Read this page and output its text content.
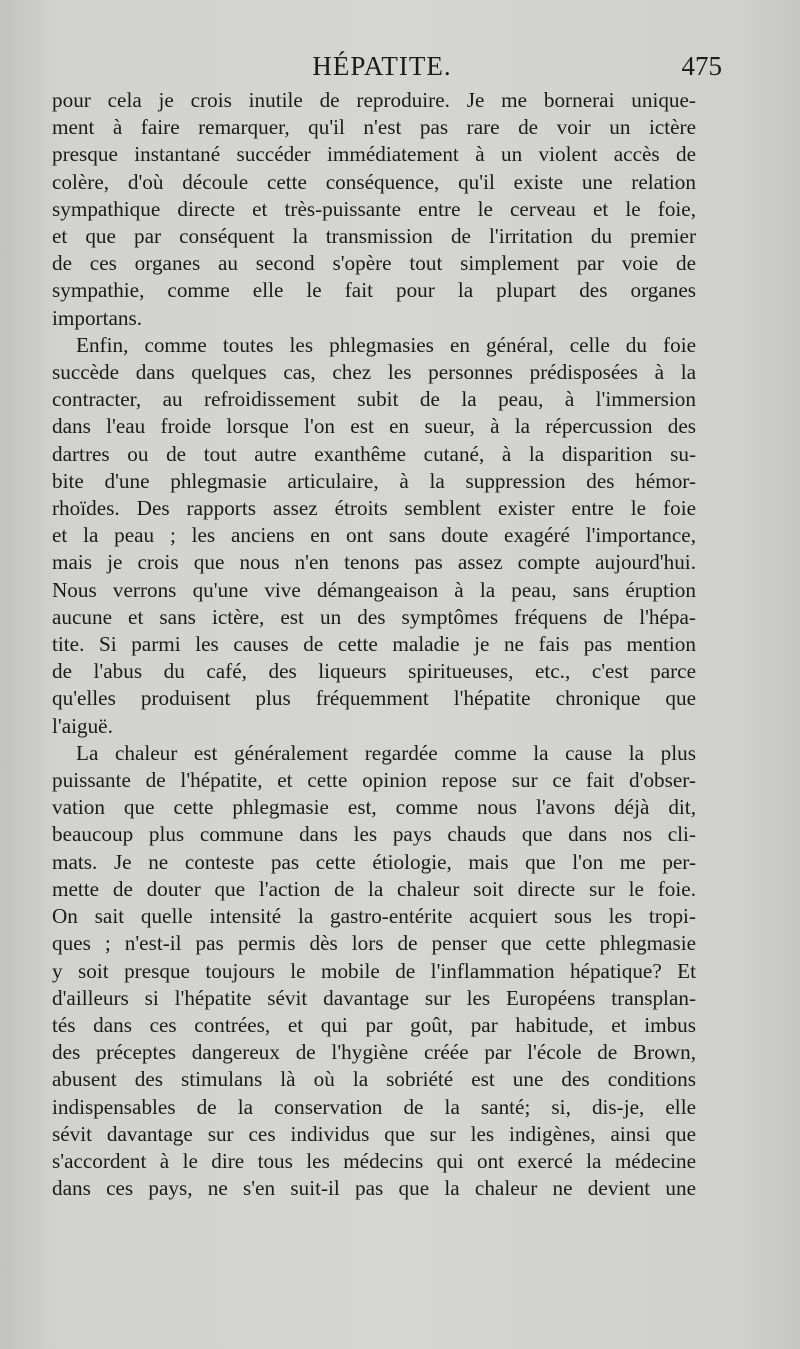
HÉPATITE.	475
pour cela je crois inutile de reproduire. Je me bornerai unique-
ment à faire remarquer, qu'il n'est pas rare de voir un ictère
presque instantané succéder immédiatement à un violent accès de
colère, d'où découle cette conséquence, qu'il existe une relation
sympathique directe et très-puissante entre le cerveau et le foie,
et que par conséquent la transmission de l'irritation du premier
de ces organes au second s'opère tout simplement par voie de
sympathie, comme elle le fait pour la plupart des organes
importans.
Enfin, comme toutes les phlegmasies en général, celle du foie
succède dans quelques cas, chez les personnes prédisposées à la
contracter, au refroidissement subit de la peau, à l'immersion
dans l'eau froide lorsque l'on est en sueur, à la répercussion des
dartres ou de tout autre exanthême cutané, à la disparition su-
bite d'une phlegmasie articulaire, à la suppression des hémor-
rhoïdes. Des rapports assez étroits semblent exister entre le foie
et la peau ; les anciens en ont sans doute exagéré l'importance,
mais je crois que nous n'en tenons pas assez compte aujourd'hui.
Nous verrons qu'une vive démangeaison à la peau, sans éruption
aucune et sans ictère, est un des symptômes fréquens de l'hépa-
tite. Si parmi les causes de cette maladie je ne fais pas mention
de l'abus du café, des liqueurs spiritueuses, etc., c'est parce
qu'elles produisent plus fréquemment l'hépatite chronique que
l'aiguë.
La chaleur est généralement regardée comme la cause la plus
puissante de l'hépatite, et cette opinion repose sur ce fait d'obser-
vation que cette phlegmasie est, comme nous l'avons déjà dit,
beaucoup plus commune dans les pays chauds que dans nos cli-
mats. Je ne conteste pas cette étiologie, mais que l'on me per-
mette de douter que l'action de la chaleur soit directe sur le foie.
On sait quelle intensité la gastro-entérite acquiert sous les tropi-
ques ; n'est-il pas permis dès lors de penser que cette phlegmasie
y soit presque toujours le mobile de l'inflammation hépatique? Et
d'ailleurs si l'hépatite sévit davantage sur les Européens transplan-
tés dans ces contrées, et qui par goût, par habitude, et imbus
des préceptes dangereux de l'hygiène créée par l'école de Brown,
abusent des stimulans là où la sobriété est une des conditions
indispensables de la conservation de la santé; si, dis-je, elle
sévit davantage sur ces individus que sur les indigènes, ainsi que
s'accordent à le dire tous les médecins qui ont exercé la médecine
dans ces pays, ne s'en suit-il pas que la chaleur ne devient une
